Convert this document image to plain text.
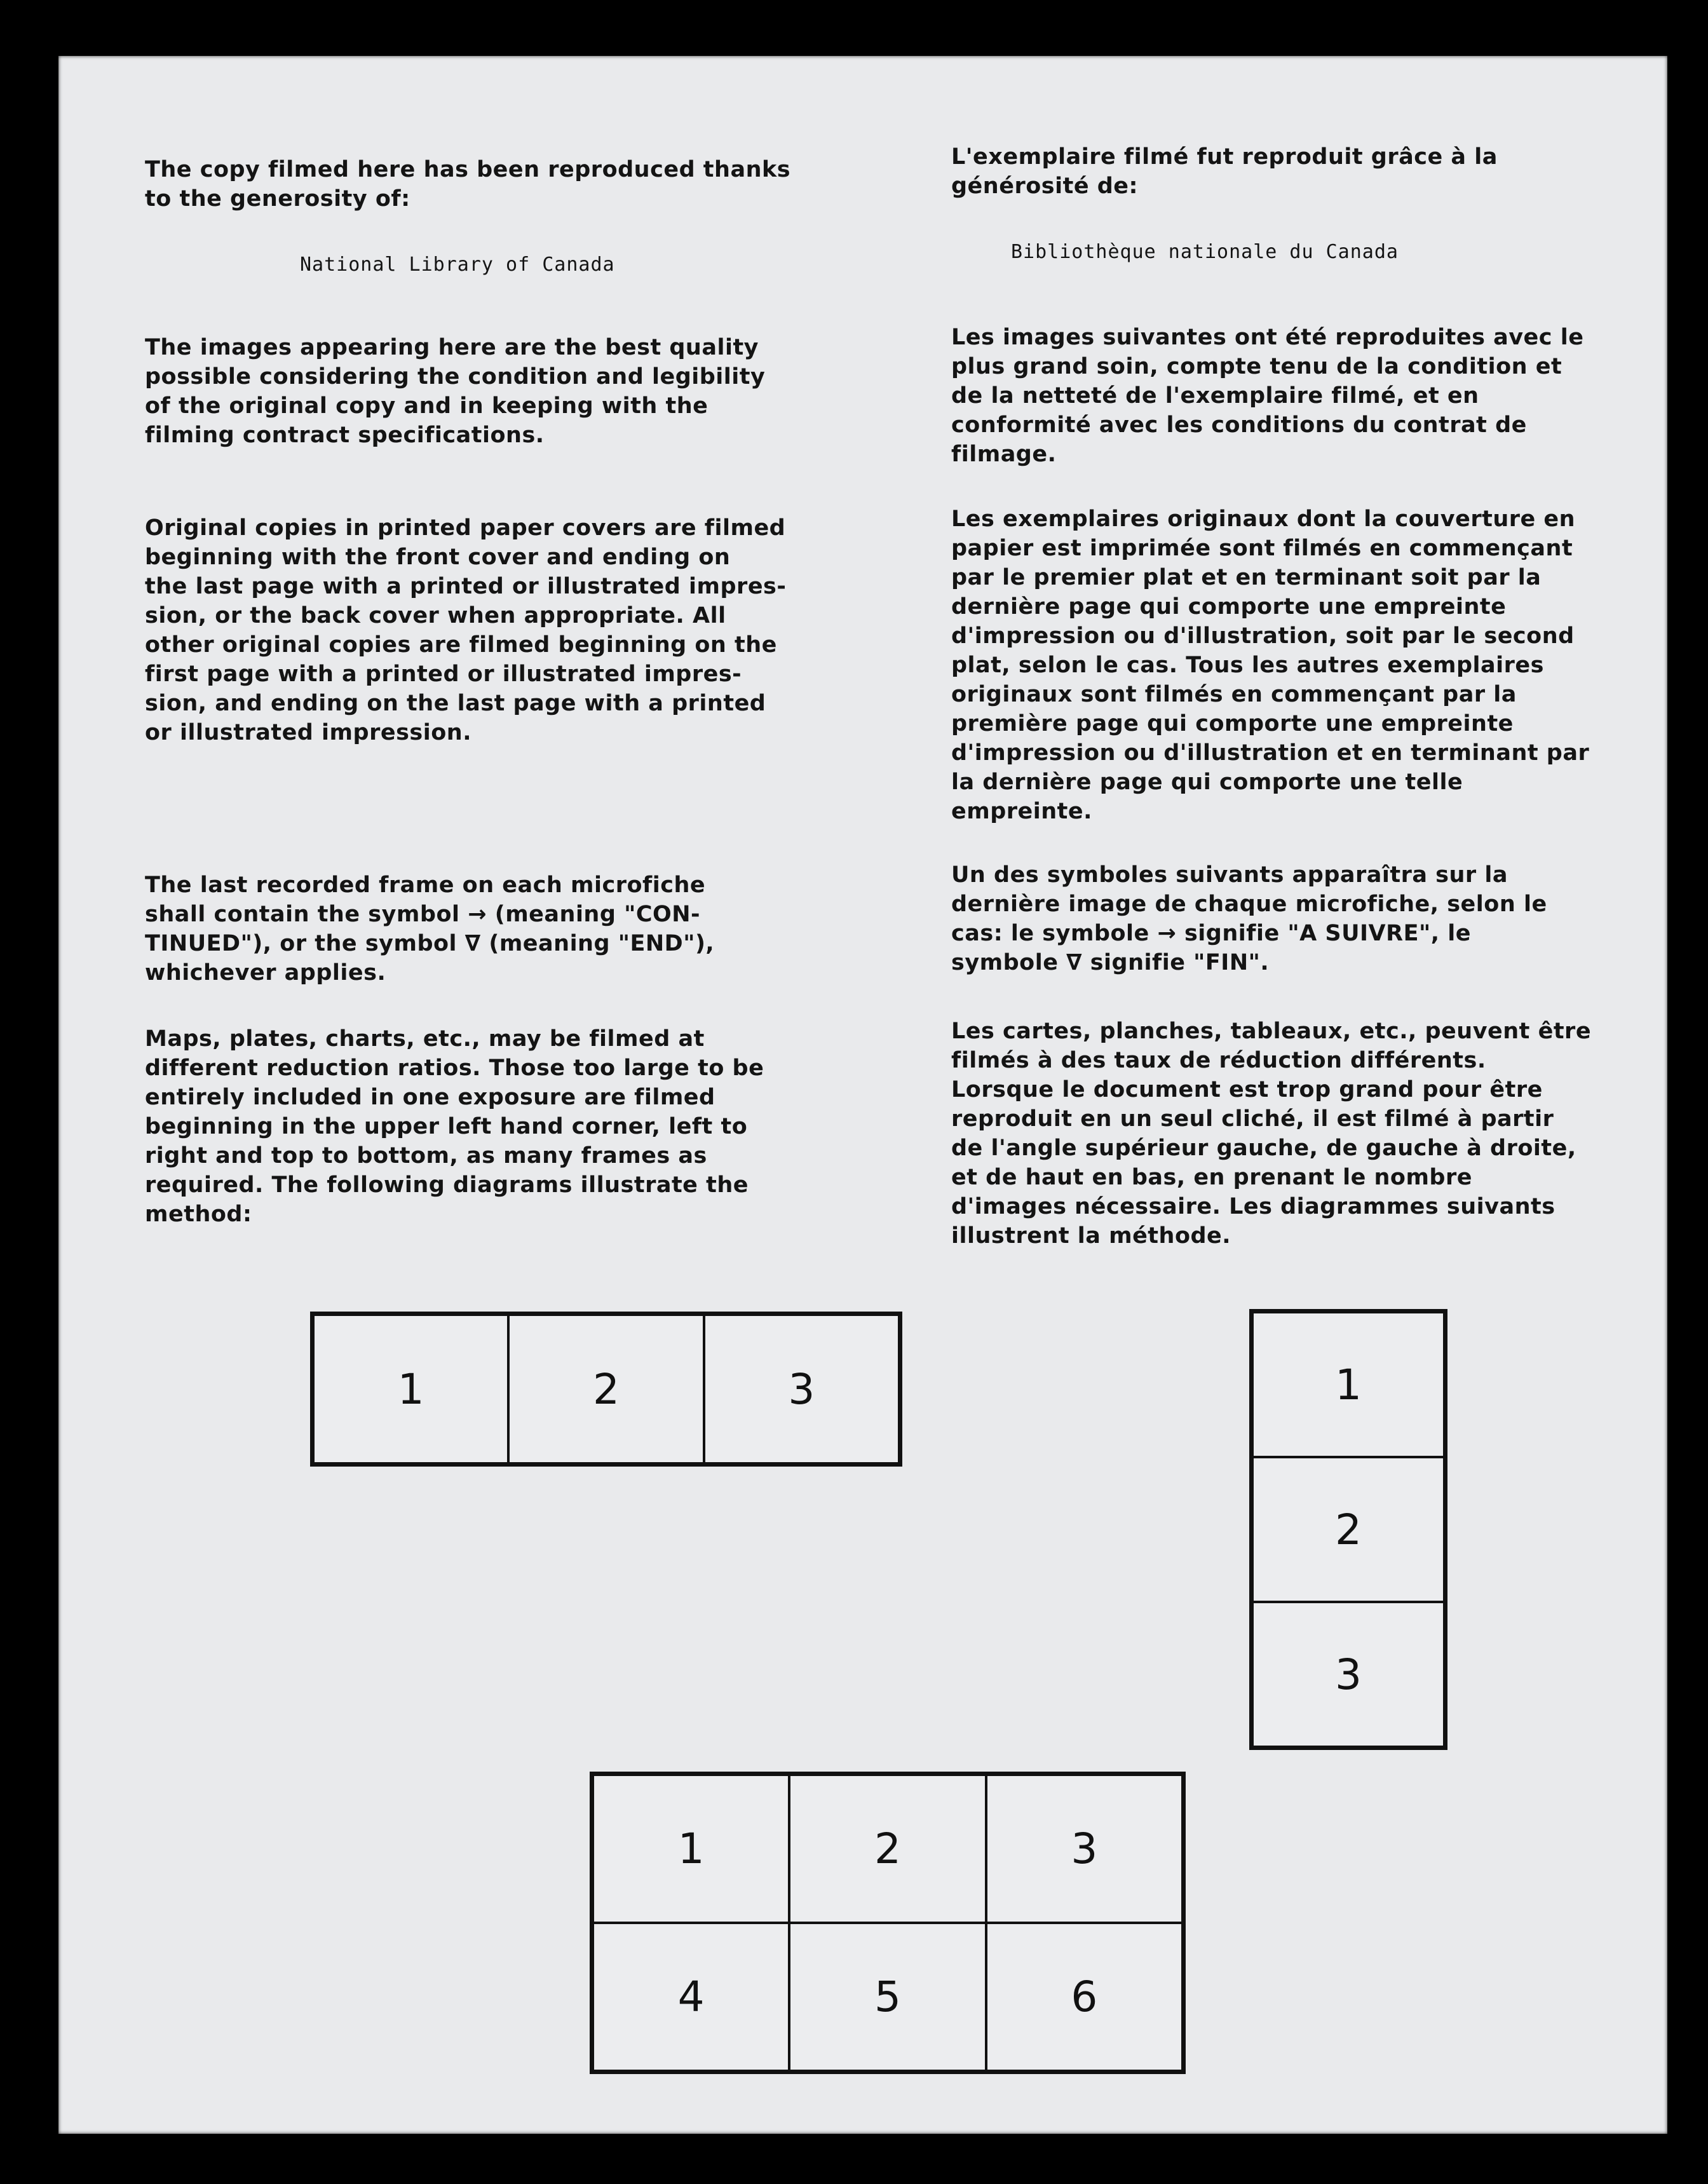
The copy filmed here has been reproduced thanks
to the generosity of:

National Library of Canada

The images appearing here are the best quality
possible considering the condition and legibility
of the original copy and in keeping with the
filming contract specifications.

Original copies in printed paper covers are filmed
beginning with the front cover and ending on
the last page with a printed or illustrated impres-
sion, or the back cover when appropriate. All
other original copies are filmed beginning on the
first page with a printed or illustrated impres-
sion, and ending on the last page with a printed
or illustrated impression.

The last recorded frame on each microfiche
shall contain the symbol → (meaning "CON-
TINUED"), or the symbol ∇ (meaning "END"),
whichever applies.

Maps, plates, charts, etc., may be filmed at
different reduction ratios. Those too large to be
entirely included in one exposure are filmed
beginning in the upper left hand corner, left to
right and top to bottom, as many frames as
required. The following diagrams illustrate the
method:

L'exemplaire filmé fut reproduit grâce à la
générosité de:

Bibliothèque nationale du Canada

Les images suivantes ont été reproduites avec le
plus grand soin, compte tenu de la condition et
de la netteté de l'exemplaire filmé, et en
conformité avec les conditions du contrat de
filmage.

Les exemplaires originaux dont la couverture en
papier est imprimée sont filmés en commençant
par le premier plat et en terminant soit par la
dernière page qui comporte une empreinte
d'impression ou d'illustration, soit par le second
plat, selon le cas. Tous les autres exemplaires
originaux sont filmés en commençant par la
première page qui comporte une empreinte
d'impression ou d'illustration et en terminant par
la dernière page qui comporte une telle
empreinte.

Un des symboles suivants apparaîtra sur la
dernière image de chaque microfiche, selon le
cas: le symbole → signifie "A SUIVRE", le
symbole ∇ signifie "FIN".

Les cartes, planches, tableaux, etc., peuvent être
filmés à des taux de réduction différents.
Lorsque le document est trop grand pour être
reproduit en un seul cliché, il est filmé à partir
de l'angle supérieur gauche, de gauche à droite,
et de haut en bas, en prenant le nombre
d'images nécessaire. Les diagrammes suivants
illustrent la méthode.

1	2	3	1
2
3
1	2	3
4	5	6
